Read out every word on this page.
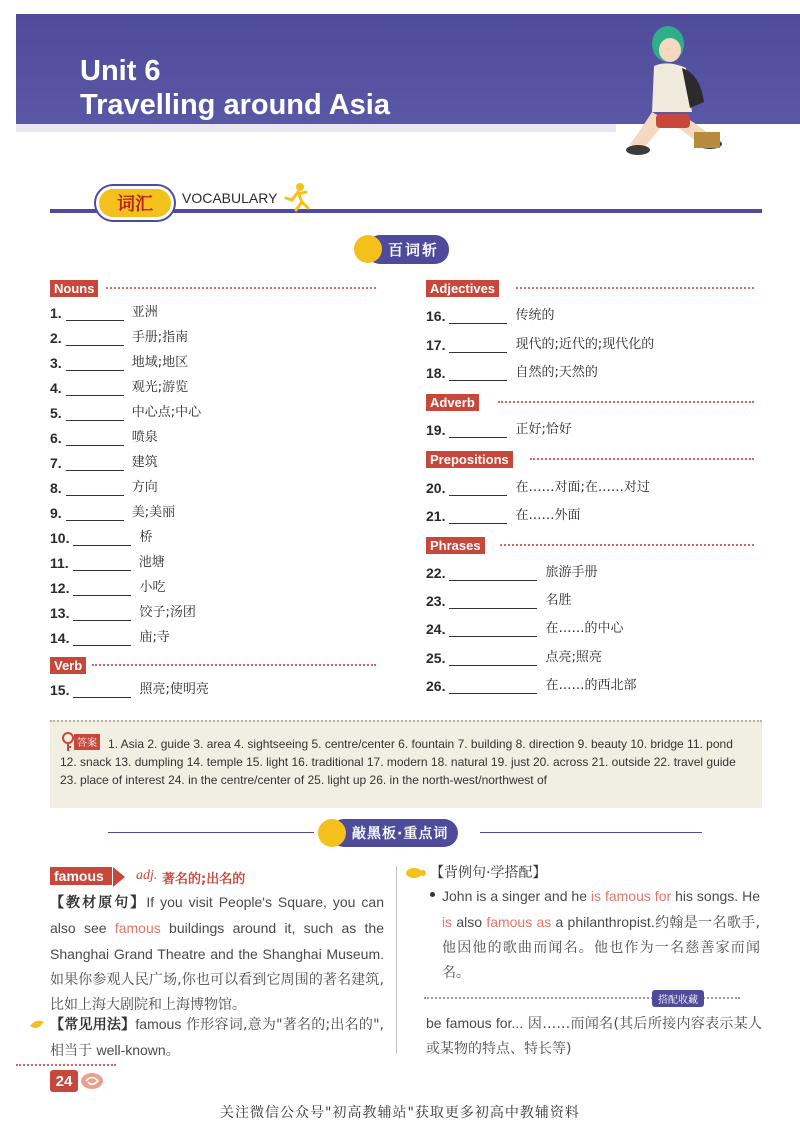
Unit 6
Travelling around Asia
词汇	VOCABULARY
百词斩
Nouns
Verb
Adjectives
Adverb
Prepositions
Phrases
1.	亚洲
2.	手册;指南
3.	地域;地区
4.	观光;游览
5.	中心点;中心
6.	喷泉
7.	建筑
8.	方向
9.	美;美丽
10.	桥
11.	池塘
12.	小吃
13.	饺子;汤团
14.	庙;寺
15.	照亮;使明亮
16.	传统的
17.	现代的;近代的;现代化的
18.	自然的;天然的
19.	正好;恰好
20.	在……对面;在……对过
21.	在……外面
22.	旅游手册
23.	名胜
24.	在……的中心
25.	点亮;照亮
26.	在……的西北部
答案 1. Asia 2. guide 3. area 4. sightseeing 5. centre/center 6. fountain 7. building 8. direction 9. beauty 10. bridge 11. pond 12. snack 13. dumpling 14. temple 15. light 16. traditional 17. modern 18. natural 19. just 20. across 21. outside 22. travel guide 23. place of interest 24. in the centre/center of 25. light up 26. in the north-west/northwest of
敲黑板·重点词
famous	adj. 著名的;出名的
【教材原句】If you visit People's Square, you can also see famous buildings around it, such as the Shanghai Grand Theatre and the Shanghai Museum.如果你参观人民广场,你也可以看到它周围的著名建筑,比如上海大剧院和上海博物馆。
【常见用法】famous 作形容词,意为"著名的;出名的",相当于 well-known。
【背例句·学搭配】
John is a singer and he is famous for his songs. He is also famous as a philanthropist.约翰是一名歌手,他因他的歌曲而闻名。他也作为一名慈善家而闻名。
搭配收藏
be famous for... 因……而闻名(其后所接内容表示某人或某物的特点、特长等)
24
关注微信公众号"初高教辅站"获取更多初高中教辅资料
